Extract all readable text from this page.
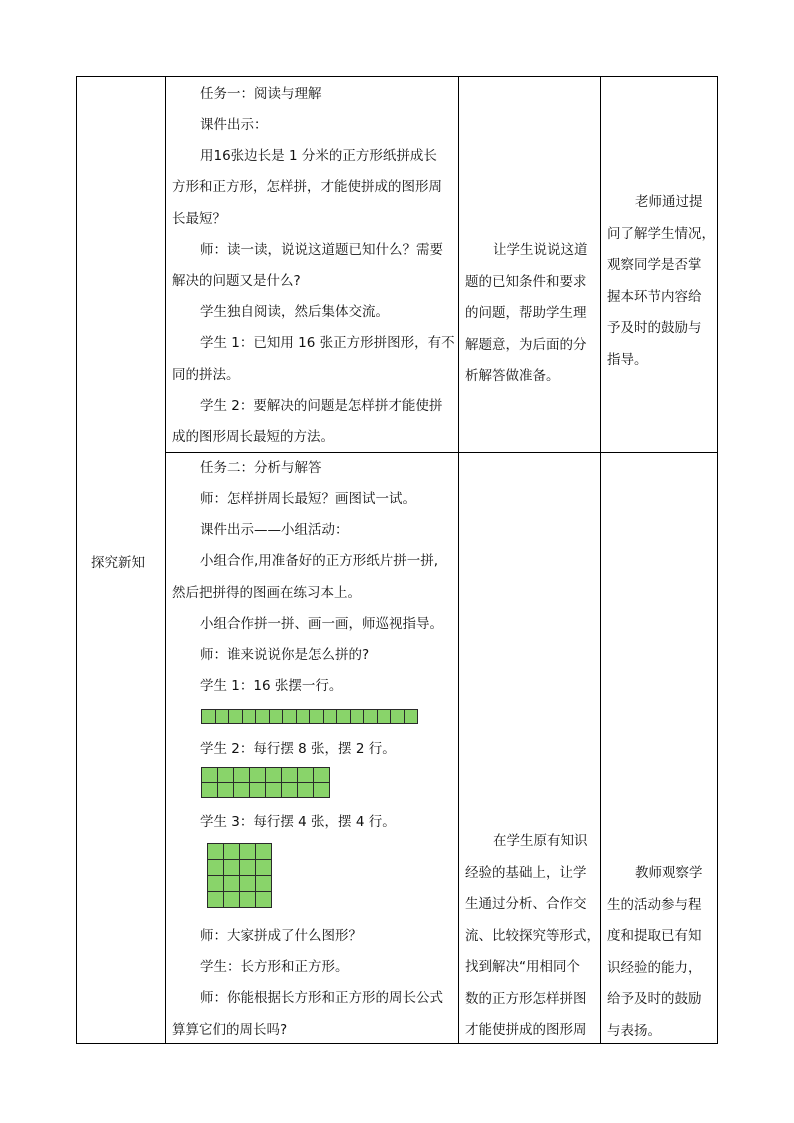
探究新知
任务一：阅读与理解
课件出示：
用16张边长是 1 分米的正方形纸拼成长
方形和正方形，怎样拼，才能使拼成的图形周
长最短？
师：读一读，说说这道题已知什么？需要
解决的问题又是什么?
学生独自阅读，然后集体交流。
学生 1：已知用 16 张正方形拼图形，有不
同的拼法。
学生 2：要解决的问题是怎样拼才能使拼
成的图形周长最短的方法。
让学生说说这道
题的已知条件和要求
的问题，帮助学生理
解题意，为后面的分
析解答做准备。
老师通过提
问了解学生情况，
观察同学是否掌
握本环节内容给
予及时的鼓励与
指导。
任务二：分析与解答
师：怎样拼周长最短？画图试一试。
课件出示——小组活动：
小组合作,用准备好的正方形纸片拼一拼,
然后把拼得的图画在练习本上。
小组合作拼一拼、画一画，师巡视指导。
师：谁来说说你是怎么拼的?
学生 1：16 张摆一行。
学生 2：每行摆 8 张，摆 2 行。
学生 3：每行摆 4 张，摆 4 行。
师：大家拼成了什么图形？
学生：长方形和正方形。
师：你能根据长方形和正方形的周长公式
算算它们的周长吗?
在学生原有知识
经验的基础上，让学
生通过分析、合作交
流、比较探究等形式，
找到解决“用相同个
数的正方形怎样拼图
才能使拼成的图形周
教师观察学
生的活动参与程
度和提取已有知
识经验的能力，
给予及时的鼓励
与表扬。
